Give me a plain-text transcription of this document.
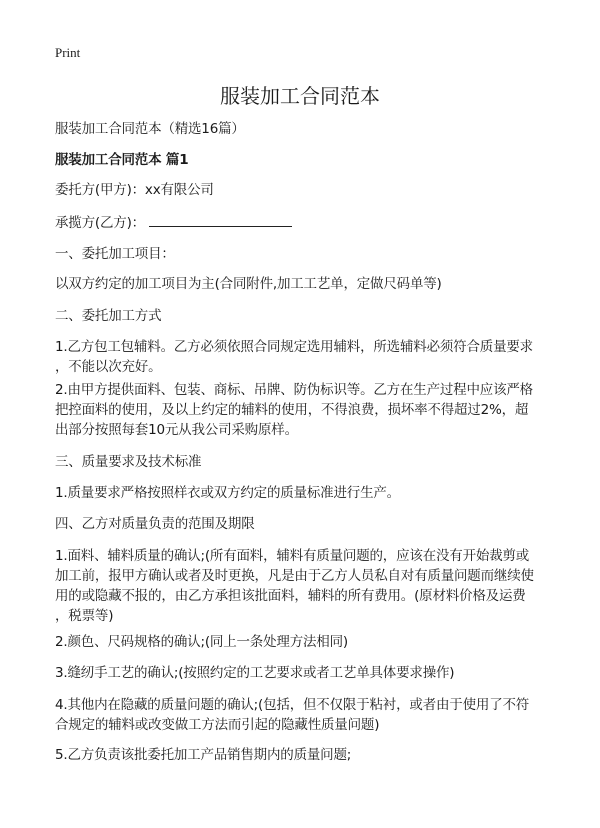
Print
服装加工合同范本
服装加工合同范本（精选16篇）
服装加工合同范本 篇1
委托方(甲方)：xx有限公司
承揽方(乙方)：
一、委托加工项目：
以双方约定的加工项目为主(合同附件,加工工艺单，定做尺码单等)
二、委托加工方式
1.乙方包工包辅料。乙方必须依照合同规定选用辅料，所选辅料必须符合质量要求
，不能以次充好。
2.由甲方提供面料、包装、商标、吊牌、防伪标识等。乙方在生产过程中应该严格
把控面料的使用，及以上约定的辅料的使用，不得浪费，损坏率不得超过2%，超
出部分按照每套10元从我公司采购原样。
三、质量要求及技术标准
1.质量要求严格按照样衣或双方约定的质量标准进行生产。
四、乙方对质量负责的范围及期限
1.面料、辅料质量的确认;(所有面料，辅料有质量问题的，应该在没有开始裁剪或
加工前，报甲方确认或者及时更换，凡是由于乙方人员私自对有质量问题而继续使
用的或隐藏不报的，由乙方承担该批面料，辅料的所有费用。(原材料价格及运费
，税票等)
2.颜色、尺码规格的确认;(同上一条处理方法相同)
3.缝纫手工艺的确认;(按照约定的工艺要求或者工艺单具体要求操作)
4.其他内在隐藏的质量问题的确认;(包括，但不仅限于粘衬，或者由于使用了不符
合规定的辅料或改变做工方法而引起的隐藏性质量问题)
5.乙方负责该批委托加工产品销售期内的质量问题;
